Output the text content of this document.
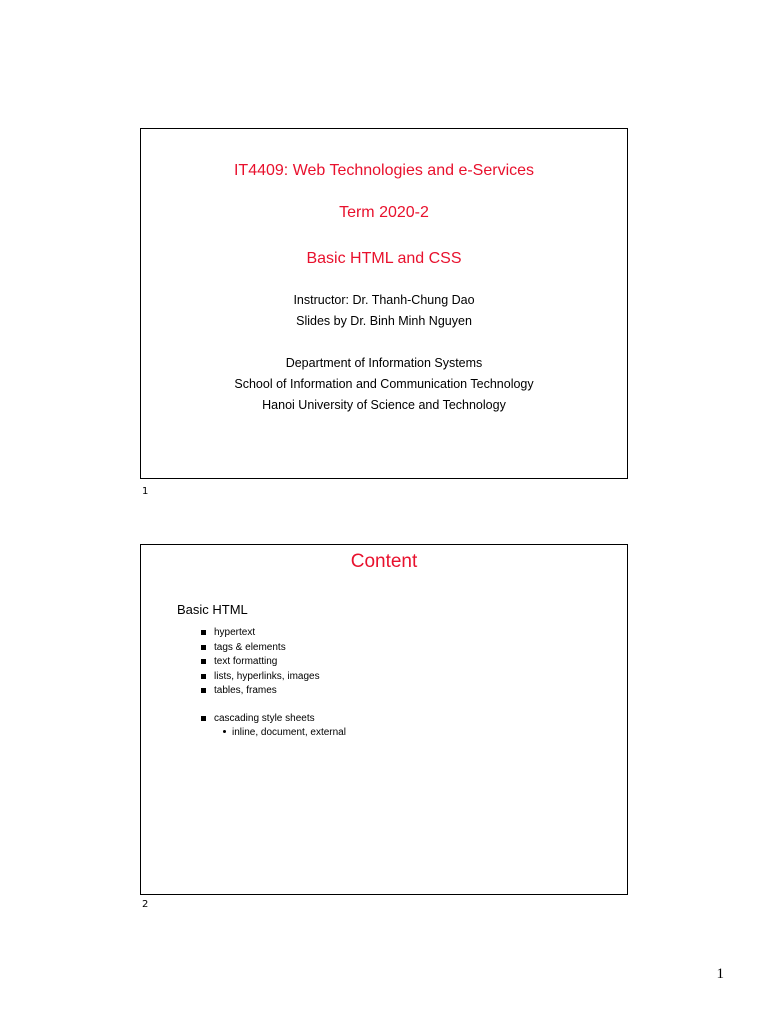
IT4409: Web Technologies and e-Services
Term 2020-2
Basic HTML and CSS
Instructor: Dr. Thanh-Chung Dao
Slides by Dr. Binh Minh Nguyen
Department of Information Systems
School of Information and Communication Technology
Hanoi University of Science and Technology
1
Content
Basic HTML
hypertext
tags & elements
text formatting
lists, hyperlinks, images
tables, frames
cascading style sheets
inline, document, external
2
1
